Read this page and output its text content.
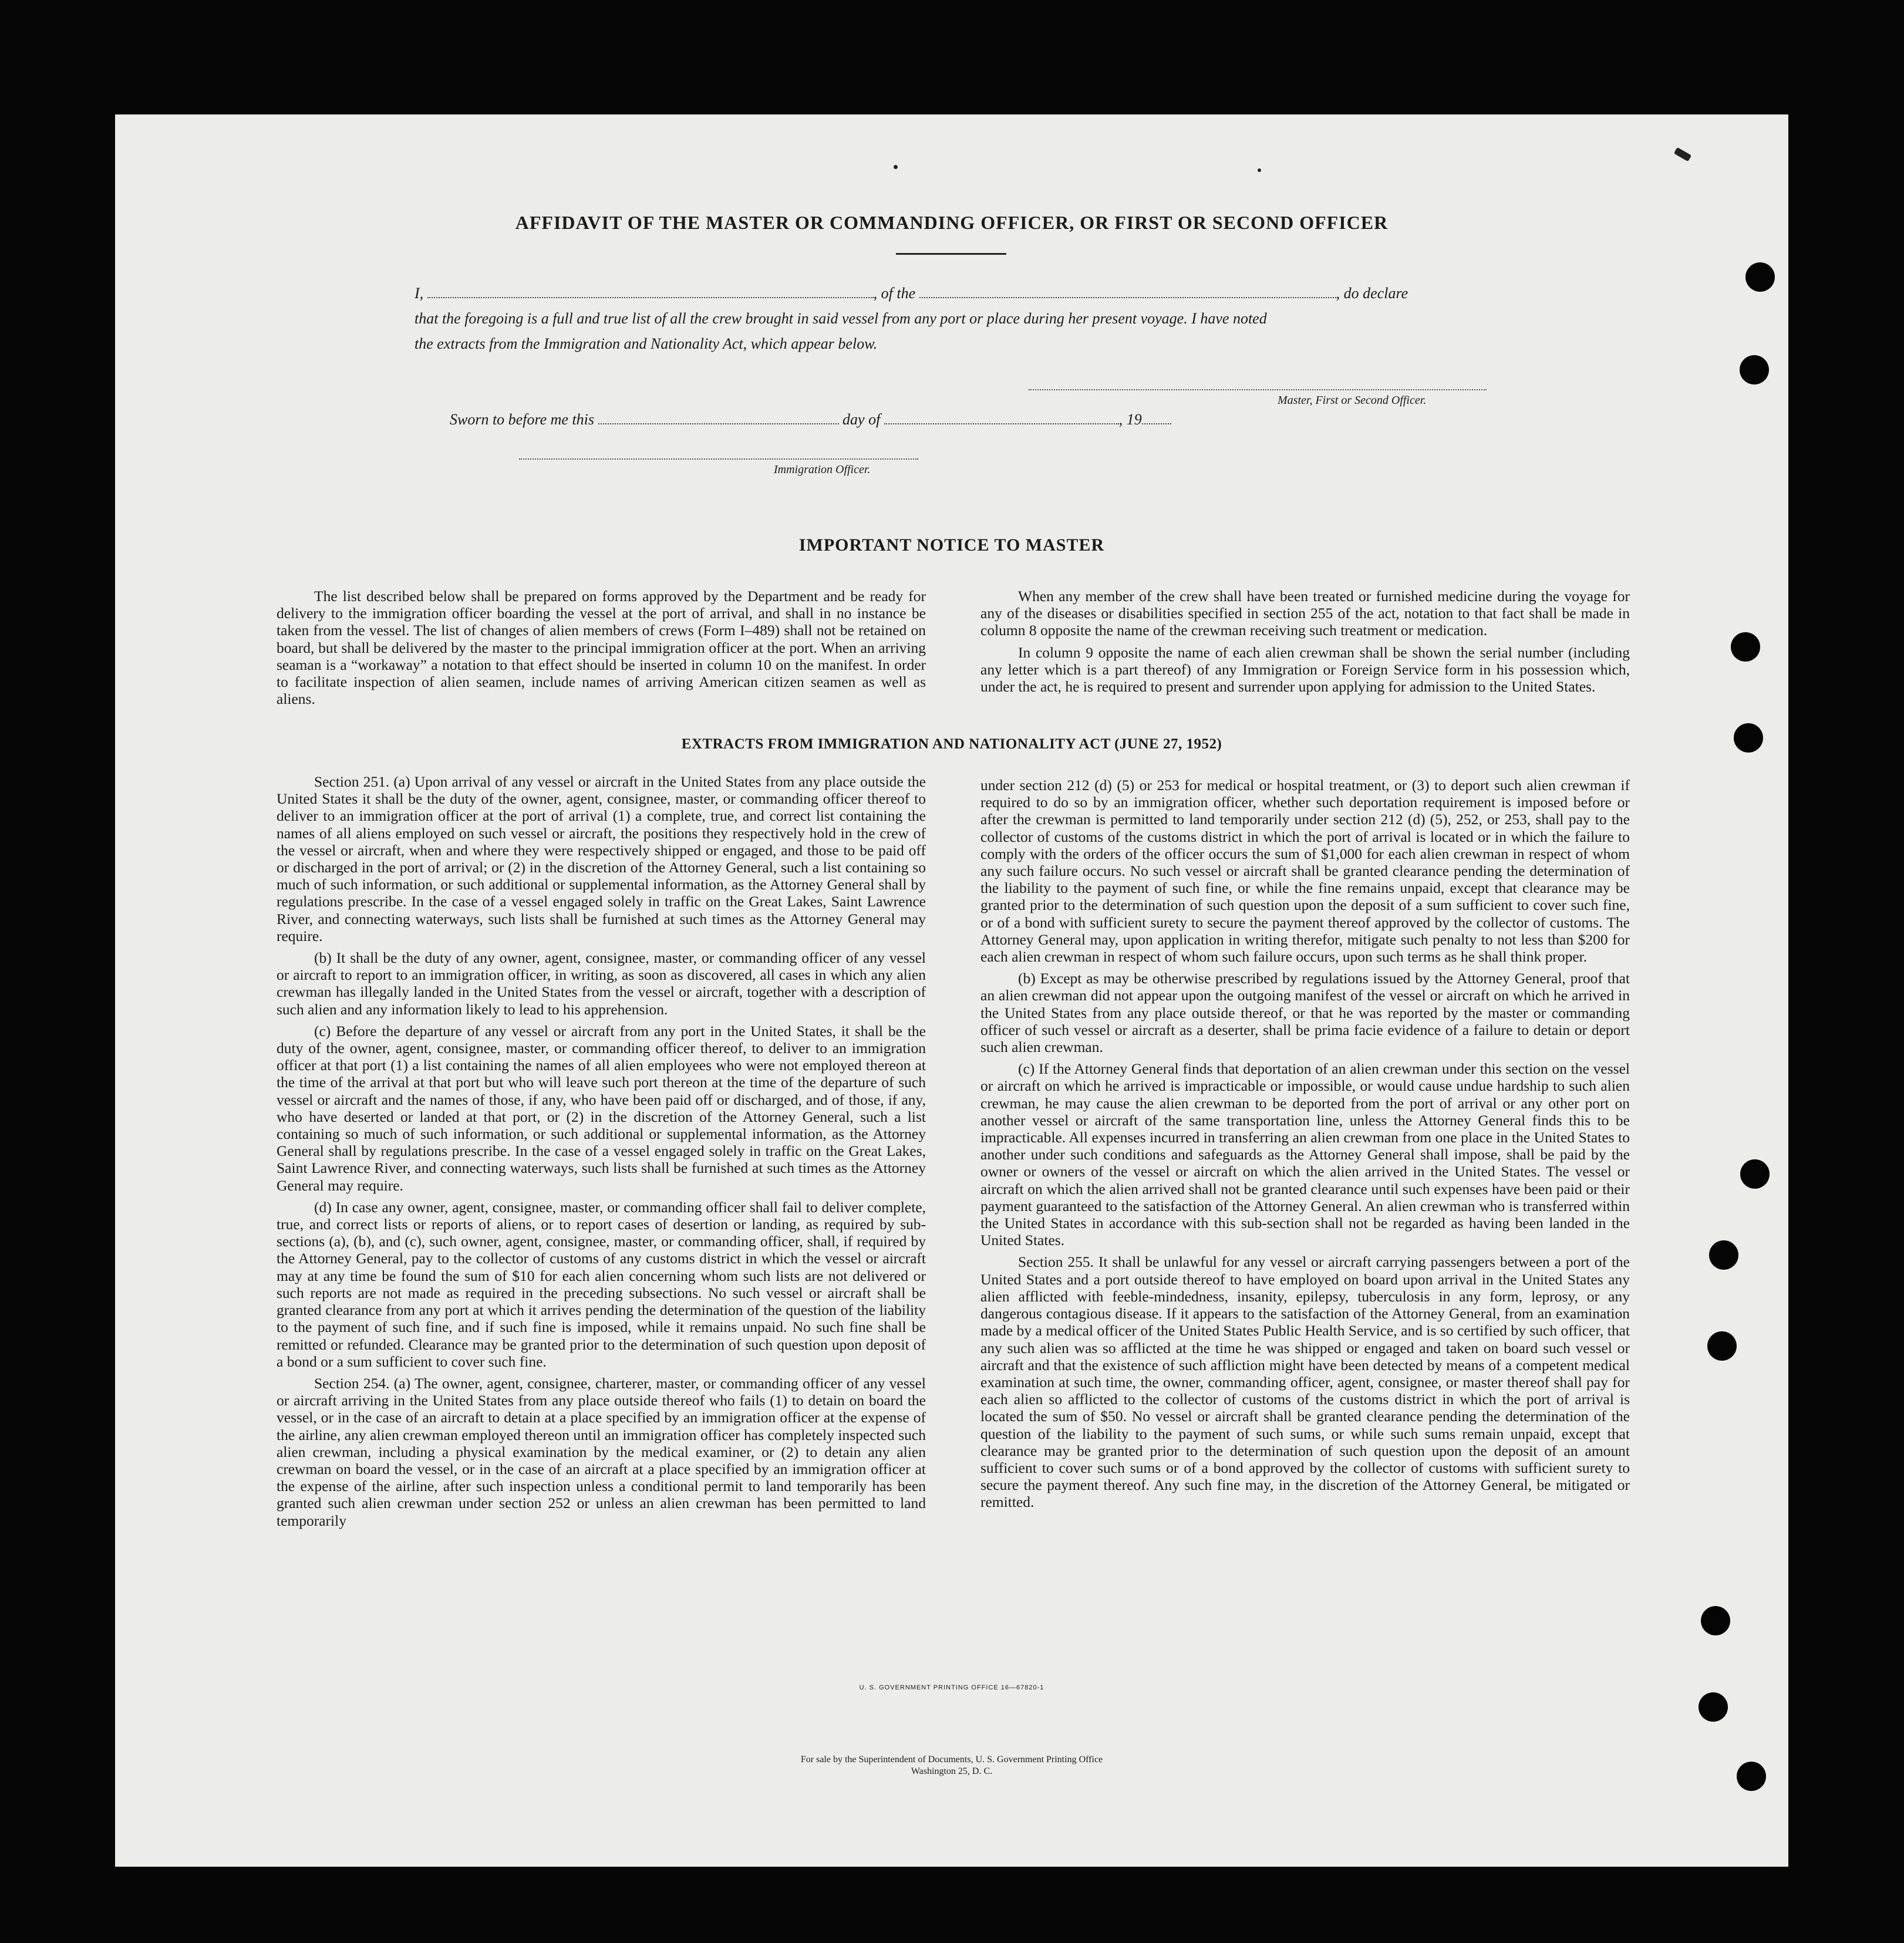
AFFIDAVIT OF THE MASTER OR COMMANDING OFFICER, OR FIRST OR SECOND OFFICER
I,	, of the	, do declare
that the foregoing is a full and true list of all the crew brought in said vessel from any port or place during her present voyage. I have noted
the extracts from the Immigration and Nationality Act, which appear below.
Master, First or Second Officer.
Sworn to before me this	day of	, 19
Immigration Officer.
IMPORTANT NOTICE TO MASTER

The list described below shall be prepared on forms approved by the Department and be ready for delivery to the immigration officer boarding the vessel at the port of arrival, and shall in no instance be taken from the vessel. The list of changes of alien members of crews (Form I–489) shall not be retained on board, but shall be delivered by the master to the principal immigration officer at the port. When an arriving seaman is a “workaway” a notation to that effect should be inserted in column 10 on the manifest. In order to facilitate inspection of alien seamen, include names of arriving American citizen seamen as well as aliens.

When any member of the crew shall have been treated or furnished medicine during the voyage for any of the diseases or disabilities specified in section 255 of the act, notation to that fact shall be made in column 8 opposite the name of the crewman receiving such treatment or medication.

In column 9 opposite the name of each alien crewman shall be shown the serial number (including any letter which is a part thereof) of any Immigration or Foreign Service form in his possession which, under the act, he is required to present and surrender upon applying for admission to the United States.

EXTRACTS FROM IMMIGRATION AND NATIONALITY ACT (JUNE 27, 1952)

Section 251. (a) Upon arrival of any vessel or aircraft in the United States from any place outside the United States it shall be the duty of the owner, agent, consignee, master, or commanding officer thereof to deliver to an immigration officer at the port of arrival (1) a complete, true, and correct list containing the names of all aliens employed on such vessel or aircraft, the positions they respectively hold in the crew of the vessel or aircraft, when and where they were respectively shipped or engaged, and those to be paid off or discharged in the port of arrival; or (2) in the discretion of the Attorney General, such a list containing so much of such information, or such additional or supplemental information, as the Attorney General shall by regulations prescribe. In the case of a vessel engaged solely in traffic on the Great Lakes, Saint Lawrence River, and connecting waterways, such lists shall be furnished at such times as the Attorney General may require.

(b) It shall be the duty of any owner, agent, consignee, master, or commanding officer of any vessel or aircraft to report to an immigration officer, in writing, as soon as discovered, all cases in which any alien crewman has illegally landed in the United States from the vessel or aircraft, together with a description of such alien and any information likely to lead to his apprehension.

(c) Before the departure of any vessel or aircraft from any port in the United States, it shall be the duty of the owner, agent, consignee, master, or commanding officer thereof, to deliver to an immigration officer at that port (1) a list containing the names of all alien employees who were not employed thereon at the time of the arrival at that port but who will leave such port thereon at the time of the departure of such vessel or aircraft and the names of those, if any, who have been paid off or discharged, and of those, if any, who have deserted or landed at that port, or (2) in the discretion of the Attorney General, such a list containing so much of such information, or such additional or supplemental information, as the Attorney General shall by regulations prescribe. In the case of a vessel engaged solely in traffic on the Great Lakes, Saint Lawrence River, and connecting waterways, such lists shall be furnished at such times as the Attorney General may require.

(d) In case any owner, agent, consignee, master, or commanding officer shall fail to deliver complete, true, and correct lists or reports of aliens, or to report cases of desertion or landing, as required by sub-sections (a), (b), and (c), such owner, agent, consignee, master, or commanding officer, shall, if required by the Attorney General, pay to the collector of customs of any customs district in which the vessel or aircraft may at any time be found the sum of $10 for each alien concerning whom such lists are not delivered or such reports are not made as required in the preceding subsections. No such vessel or aircraft shall be granted clearance from any port at which it arrives pending the determination of the question of the liability to the payment of such fine, and if such fine is imposed, while it remains unpaid. No such fine shall be remitted or refunded. Clearance may be granted prior to the determination of such question upon deposit of a bond or a sum sufficient to cover such fine.

Section 254. (a) The owner, agent, consignee, charterer, master, or commanding officer of any vessel or aircraft arriving in the United States from any place outside thereof who fails (1) to detain on board the vessel, or in the case of an aircraft to detain at a place specified by an immigration officer at the expense of the airline, any alien crewman employed thereon until an immigration officer has completely inspected such alien crewman, including a physical examination by the medical examiner, or (2) to detain any alien crewman on board the vessel, or in the case of an aircraft at a place specified by an immigration officer at the expense of the airline, after such inspection unless a conditional permit to land temporarily has been granted such alien crewman under section 252 or unless an alien crewman has been permitted to land temporarily

under section 212 (d) (5) or 253 for medical or hospital treatment, or (3) to deport such alien crewman if required to do so by an immigration officer, whether such deportation requirement is imposed before or after the crewman is permitted to land temporarily under section 212 (d) (5), 252, or 253, shall pay to the collector of customs of the customs district in which the port of arrival is located or in which the failure to comply with the orders of the officer occurs the sum of $1,000 for each alien crewman in respect of whom any such failure occurs. No such vessel or aircraft shall be granted clearance pending the determination of the liability to the payment of such fine, or while the fine remains unpaid, except that clearance may be granted prior to the determination of such question upon the deposit of a sum sufficient to cover such fine, or of a bond with sufficient surety to secure the payment thereof approved by the collector of customs. The Attorney General may, upon application in writing therefor, mitigate such penalty to not less than $200 for each alien crewman in respect of whom such failure occurs, upon such terms as he shall think proper.

(b) Except as may be otherwise prescribed by regulations issued by the Attorney General, proof that an alien crewman did not appear upon the outgoing manifest of the vessel or aircraft on which he arrived in the United States from any place outside thereof, or that he was reported by the master or commanding officer of such vessel or aircraft as a deserter, shall be prima facie evidence of a failure to detain or deport such alien crewman.

(c) If the Attorney General finds that deportation of an alien crewman under this section on the vessel or aircraft on which he arrived is impracticable or impossible, or would cause undue hardship to such alien crewman, he may cause the alien crewman to be deported from the port of arrival or any other port on another vessel or aircraft of the same transportation line, unless the Attorney General finds this to be impracticable. All expenses incurred in transferring an alien crewman from one place in the United States to another under such conditions and safeguards as the Attorney General shall impose, shall be paid by the owner or owners of the vessel or aircraft on which the alien arrived in the United States. The vessel or aircraft on which the alien arrived shall not be granted clearance until such expenses have been paid or their payment guaranteed to the satisfaction of the Attorney General. An alien crewman who is transferred within the United States in accordance with this sub-section shall not be regarded as having been landed in the United States.

Section 255. It shall be unlawful for any vessel or aircraft carrying passengers between a port of the United States and a port outside thereof to have employed on board upon arrival in the United States any alien afflicted with feeble-mindedness, insanity, epilepsy, tuberculosis in any form, leprosy, or any dangerous contagious disease. If it appears to the satisfaction of the Attorney General, from an examination made by a medical officer of the United States Public Health Service, and is so certified by such officer, that any such alien was so afflicted at the time he was shipped or engaged and taken on board such vessel or aircraft and that the existence of such affliction might have been detected by means of a competent medical examination at such time, the owner, commanding officer, agent, consignee, or master thereof shall pay for each alien so afflicted to the collector of customs of the customs district in which the port of arrival is located the sum of $50. No vessel or aircraft shall be granted clearance pending the determination of the question of the liability to the payment of such sums, or while such sums remain unpaid, except that clearance may be granted prior to the determination of such question upon the deposit of an amount sufficient to cover such sums or of a bond approved by the collector of customs with sufficient surety to secure the payment thereof. Any such fine may, in the discretion of the Attorney General, be mitigated or remitted.

U. S. GOVERNMENT PRINTING OFFICE 16—67820-1
For sale by the Superintendent of Documents, U. S. Government Printing Office
Washington 25, D. C.
